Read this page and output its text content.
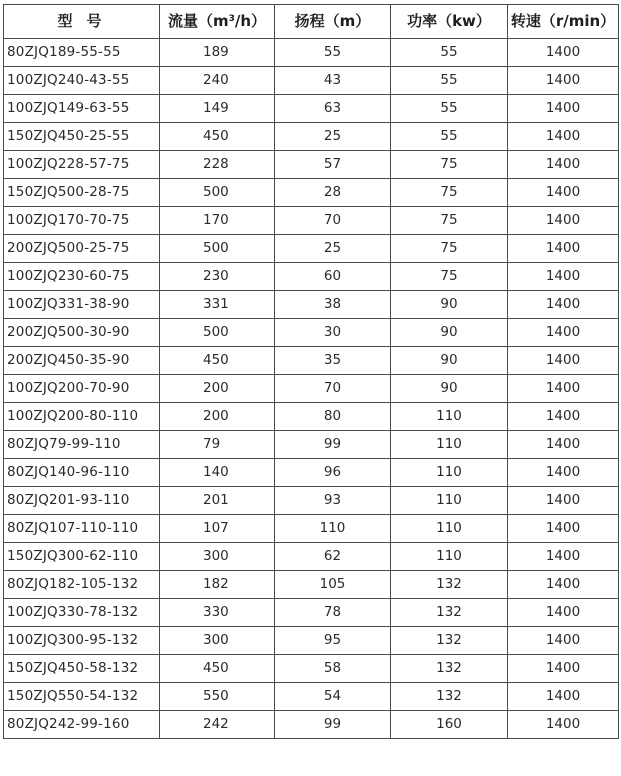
型号	流量$(m^3/h)$	扬程（m）	功率（kw）	转速（r/min）
80ZJQ189-55-55	189	55	55	1400
100ZJQ240-43-55	240	43	55	1400
100ZJQ149-63-55	149	63	55	1400
150ZJQ450-25-55	450	25	55	1400
100ZJQ228-57-75	228	57	75	1400
150ZJQ500-28-75	500	28	75	1400
100ZJQ170-70-75	170	70	75	1400
200ZJQ500-25-75	500	25	75	1400
100ZJQ230-60-75	230	60	75	1400
100ZJQ331-38-90	331	38	90	1400
200ZJQ500-30-90	500	30	90	1400
200ZJQ450-35-90	450	35	90	1400
100ZJQ200-70-90	200	70	90	1400
100ZJQ200-80-110	200	80	110	1400
80ZJQ79-99-110	79	99	110	1400
80ZJQ140-96-110	140	96	110	1400
80ZJQ201-93-110	201	93	110	1400
80ZJQ107-110-110	107	110	110	1400
150ZJQ300-62-110	300	62	110	1400
80ZJQ182-105-132	182	105	132	1400
100ZJQ330-78-132	330	78	132	1400
100ZJQ300-95-132	300	95	132	1400
150ZJQ450-58-132	450	58	132	1400
150ZJQ550-54-132	550	54	132	1400
80ZJQ242-99-160	242	99	160	1400
